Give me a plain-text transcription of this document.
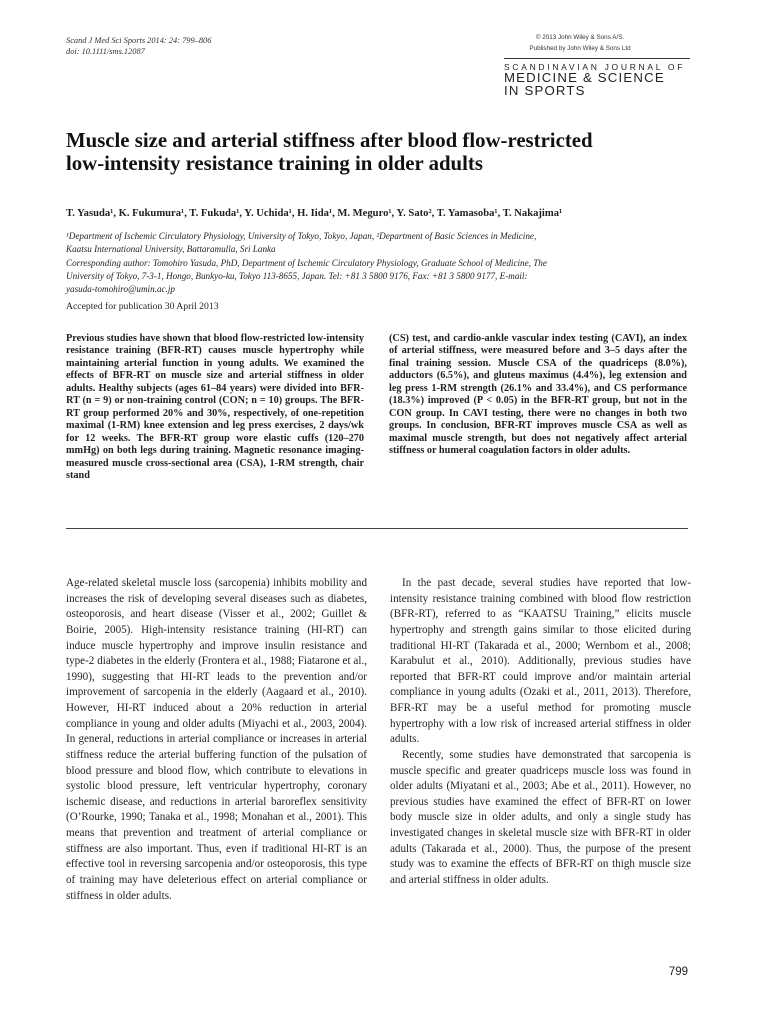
Scand J Med Sci Sports 2014: 24: 799–806
doi: 10.1111/sms.12087
© 2013 John Wiley & Sons A/S.
Published by John Wiley & Sons Ltd
SCANDINAVIAN JOURNAL OF
MEDICINE & SCIENCE
IN SPORTS
Muscle size and arterial stiffness after blood flow-restricted
low-intensity resistance training in older adults
T. Yasuda¹, K. Fukumura¹, T. Fukuda¹, Y. Uchida¹, H. Iida¹, M. Meguro¹, Y. Sato², T. Yamasoba¹, T. Nakajima¹
¹Department of Ischemic Circulatory Physiology, University of Tokyo, Tokyo, Japan, ²Department of Basic Sciences in Medicine,
Kaatsu International University, Battaramulla, Sri Lanka
Corresponding author: Tomohiro Yasuda, PhD, Department of Ischemic Circulatory Physiology, Graduate School of Medicine, The
University of Tokyo, 7-3-1, Hongo, Bunkyo-ku, Tokyo 113-8655, Japan. Tel: +81 3 5800 9176, Fax: +81 3 5800 9177, E-mail:
yasuda-tomohiro@umin.ac.jp
Accepted for publication 30 April 2013

Previous studies have shown that blood flow-restricted low-intensity resistance training (BFR-RT) causes muscle hypertrophy while maintaining arterial function in young adults. We examined the effects of BFR-RT on muscle size and arterial stiffness in older adults. Healthy subjects (ages 61–84 years) were divided into BFR-RT (n = 9) or non-training control (CON; n = 10) groups. The BFR-RT group performed 20% and 30%, respectively, of one-repetition maximal (1-RM) knee extension and leg press exercises, 2 days/wk for 12 weeks. The BFR-RT group wore elastic cuffs (120–270 mmHg) on both legs during training. Magnetic resonance imaging-measured muscle cross-sectional area (CSA), 1-RM strength, chair stand

(CS) test, and cardio-ankle vascular index testing (CAVI), an index of arterial stiffness, were measured before and 3–5 days after the final training session. Muscle CSA of the quadriceps (8.0%), adductors (6.5%), and gluteus maximus (4.4%), leg extension and leg press 1-RM strength (26.1% and 33.4%), and CS performance (18.3%) improved (P < 0.05) in the BFR-RT group, but not in the CON group. In CAVI testing, there were no changes in both two groups. In conclusion, BFR-RT improves muscle CSA as well as maximal muscle strength, but does not negatively affect arterial stiffness or humeral coagulation factors in older adults.

Age-related skeletal muscle loss (sarcopenia) inhibits mobility and increases the risk of developing several diseases such as diabetes, osteoporosis, and heart disease (Visser et al., 2002; Guillet & Boirie, 2005). High-intensity resistance training (HI-RT) can induce muscle hypertrophy and improve insulin resistance and type-2 diabetes in the elderly (Frontera et al., 1988; Fiatarone et al., 1990), suggesting that HI-RT leads to the prevention and/or improvement of sarcopenia in the elderly (Aagaard et al., 2010). However, HI-RT induced about a 20% reduction in arterial compliance in young and older adults (Miyachi et al., 2003, 2004). In general, reductions in arterial compliance or increases in arterial stiffness reduce the arterial buffering function of the pulsation of blood pressure and blood flow, which contribute to elevations in systolic blood pressure, left ventricular hypertrophy, coronary ischemic disease, and reductions in arterial baroreflex sensitivity (O’Rourke, 1990; Tanaka et al., 1998; Monahan et al., 2001). This means that prevention and treatment of arterial compliance or stiffness are also important. Thus, even if traditional HI-RT is an effective tool in reversing sarcopenia and/or osteoporosis, this type of training may have deleterious effect on arterial compliance or stiffness in older adults.

In the past decade, several studies have reported that low-intensity resistance training combined with blood flow restriction (BFR-RT), referred to as “KAATSU Training,” elicits muscle hypertrophy and strength gains similar to those elicited during traditional HI-RT (Takarada et al., 2000; Wernbom et al., 2008; Karabulut et al., 2010). Additionally, previous studies have reported that BFR-RT could improve and/or maintain arterial compliance in young adults (Ozaki et al., 2011, 2013). Therefore, BFR-RT may be a useful method for promoting muscle hypertrophy with a low risk of increased arterial stiffness in older adults.

Recently, some studies have demonstrated that sarcopenia is muscle specific and greater quadriceps muscle loss was found in older adults (Miyatani et al., 2003; Abe et al., 2011). However, no previous studies have examined the effect of BFR-RT on lower body muscle size in older adults, and only a single study has investigated changes in skeletal muscle size with BFR-RT in older adults (Takarada et al., 2000). Thus, the purpose of the present study was to examine the effects of BFR-RT on thigh muscle size and arterial stiffness in older adults.

799
